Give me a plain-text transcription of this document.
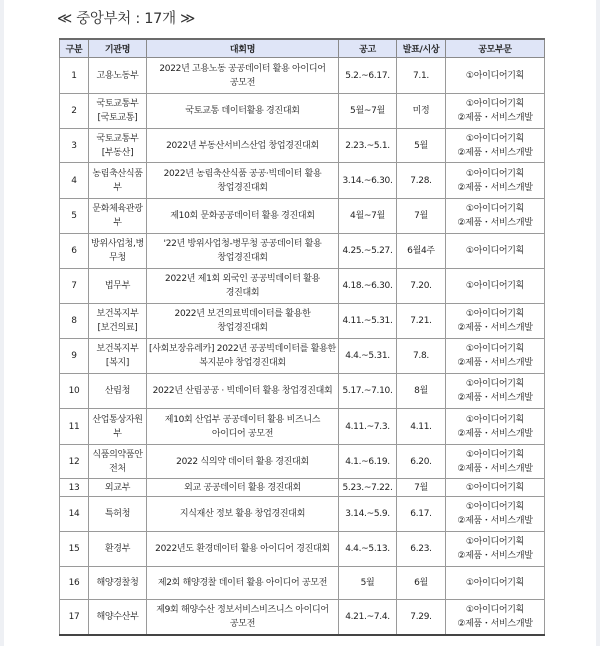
≪ 중앙부처 : 17개 ≫
구분	기관명	대회명	공고	발표/시상	공모부문
1	고용노동부	2022년 고용노동 공공데이터 활용 아이디어 공모전	5.2.~6.17.	7.1.	①아이디어기획

2	국토교통부 [국토교통]	국토교통 데이터활용 경진대회	5월~7월	미정	①아이디어기획
②제품・서비스개발

3	국토교통부 [부동산]	2022년 부동산서비스산업 창업경진대회	2.23.~5.1.	5월	①아이디어기획
②제품・서비스개발

4	농림축산식품부	2022년 농림축산식품 공공·빅데이터 활용 창업경진대회	3.14.~6.30.	7.28.	①아이디어기획
②제품・서비스개발

5	문화체육관광부	제10회 문화공공데이터 활용 경진대회	4월~7월	7월	①아이디어기획
②제품・서비스개발

6	방위사업청,병무청	'22년 방위사업청-병무청 공공데이터 활용 창업경진대회	4.25.~5.27.	6월4주	①아이디어기획

7	법무부	2022년 제1회 외국인 공공빅데이터 활용 경진대회	4.18.~6.30.	7.20.	①아이디어기획

8	보건복지부 [보건의료]	2022년 보건의료빅데이터를 활용한 창업경진대회	4.11.~5.31.	7.21.	①아이디어기획
②제품・서비스개발

9	보건복지부 [복지]	[사회보장유레카] 2022년 공공빅데이터를 활용한 복지분야 창업경진대회	4.4.~5.31.	7.8.	①아이디어기획
②제품・서비스개발

10	산림청	2022년 산림공공 · 빅데이터 활용 창업경진대회	5.17.~7.10.	8월	①아이디어기획
②제품・서비스개발

11	산업통상자원부	제10회 산업부 공공데이터 활용 비즈니스 아이디어 공모전	4.11.~7.3.	4.11.	①아이디어기획
②제품・서비스개발

12	식품의약품안전처	2022 식의약 데이터 활용 경진대회	4.1.~6.19.	6.20.	①아이디어기획
②제품・서비스개발

13	외교부	외교 공공데이터 활용 경진대회	5.23.~7.22.	7월	①아이디어기획

14	특허청	지식재산 정보 활용 창업경진대회	3.14.~5.9.	6.17.	①아이디어기획
②제품・서비스개발

15	환경부	2022년도 환경데이터 활용 아이디어 경진대회	4.4.~5.13.	6.23.	①아이디어기획
②제품・서비스개발

16	해양경찰청	제2회 해양경찰 데이터 활용 아이디어 공모전	5월	6월	①아이디어기획

17	해양수산부	제9회 해양수산 정보서비스비즈니스 아이디어 공모전	4.21.~7.4.	7.29.	①아이디어기획
②제품・서비스개발
